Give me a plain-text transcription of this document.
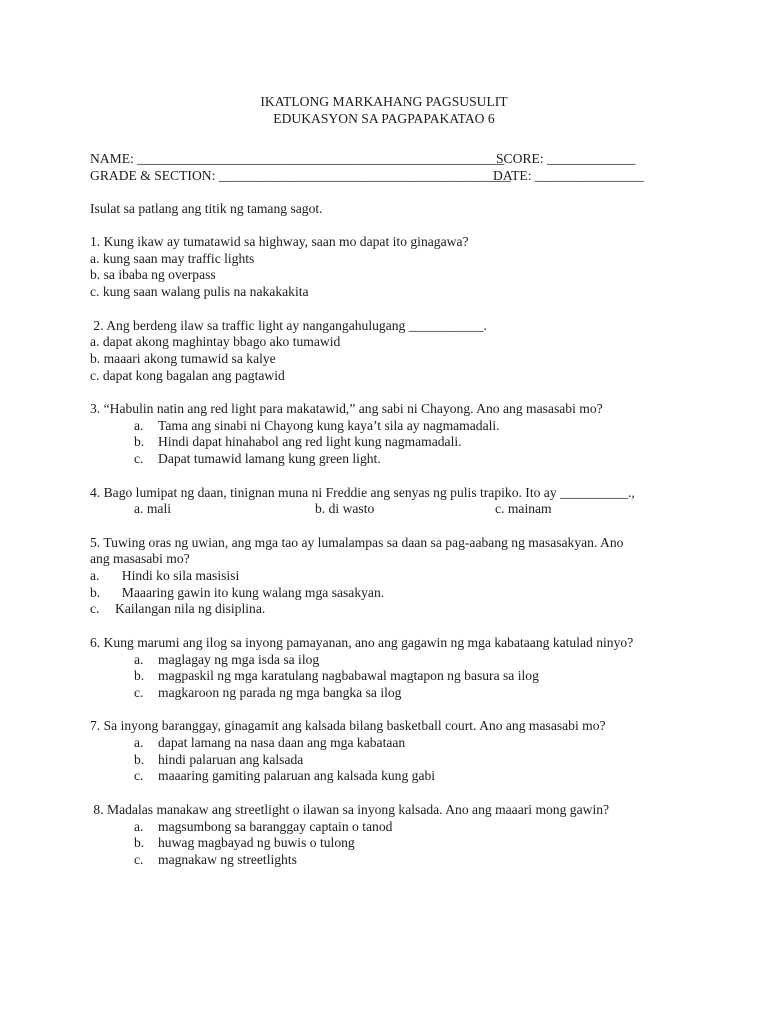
IKATLONG MARKAHANG PAGSUSULIT
EDUKASYON SA PAGPAPAKATAO 6
NAME: ______________________________________________________
SCORE: _____________
GRADE & SECTION: ___________________________________________
DATE: ________________
Isulat sa patlang ang titik ng tamang sagot.
1. Kung ikaw ay tumatawid sa highway, saan mo dapat ito ginagawa?
a. kung saan may traffic lights
b. sa ibaba ng overpass
c. kung saan walang pulis na nakakakita
2. Ang berdeng ilaw sa traffic light ay nangangahulugang ___________.
a. dapat akong maghintay bbago ako tumawid
b. maaari akong tumawid sa kalye
c. dapat kong bagalan ang pagtawid
3. “Habulin natin ang red light para makatawid,” ang sabi ni Chayong. Ano ang masasabi mo?
a. Tama ang sinabi ni Chayong kung kaya’t sila ay nagmamadali.
b. Hindi dapat hinahabol ang red light kung nagmamadali.
c. Dapat tumawid lamang kung green light.
4. Bago lumipat ng daan, tinignan muna ni Freddie ang senyas ng pulis trapiko. Ito ay __________.,
a. mali	b. di wasto	c. mainam
5. Tuwing oras ng uwian, ang mga tao ay lumalampas sa daan sa pag-aabang ng masasakyan. Ano
ang masasabi mo?
a.  Hindi ko sila masisisi
b.  Maaaring gawin ito kung walang mga sasakyan.
c. Kailangan nila ng disiplina.
6. Kung marumi ang ilog sa inyong pamayanan, ano ang gagawin ng mga kabataang katulad ninyo?
a. maglagay ng mga isda sa ilog
b. magpaskil ng mga karatulang nagbabawal magtapon ng basura sa ilog
c. magkaroon ng parada ng mga bangka sa ilog
7. Sa inyong baranggay, ginagamit ang kalsada bilang basketball court. Ano ang masasabi mo?
a. dapat lamang na nasa daan ang mga kabataan
b. hindi palaruan ang kalsada
c. maaaring gamiting palaruan ang kalsada kung gabi
8. Madalas manakaw ang streetlight o ilawan sa inyong kalsada. Ano ang maaari mong gawin?
a. magsumbong sa baranggay captain o tanod
b. huwag magbayad ng buwis o tulong
c. magnakaw ng streetlights
